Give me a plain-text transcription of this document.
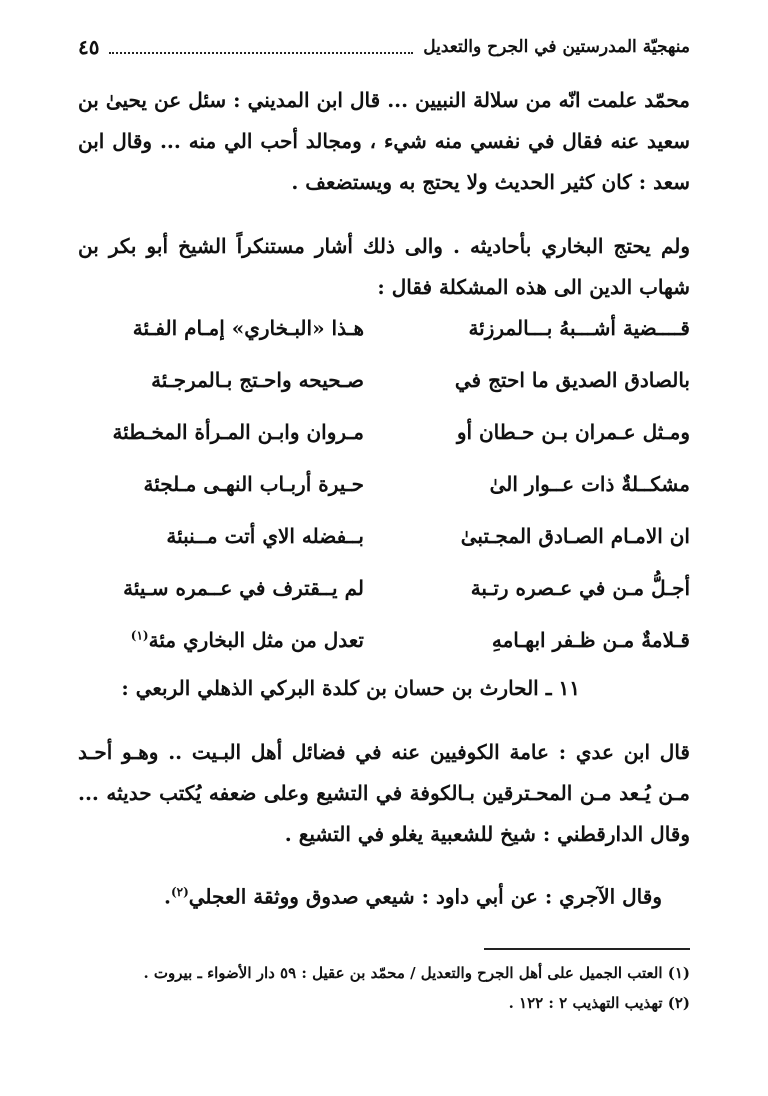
منهجيّة المدرستين في الجرح والتعديل
٤٥
محمّد علمت انّه من سلالة النبيين ... قال ابن المديني : سئل عن يحيىٰ بن سعيد عنه فقال في نفسي منه شيء ، ومجالد أحب الي منه ... وقال ابن سعد : كان كثير الحديث ولا يحتج به ويستضعف .
ولم يحتج البخاري بأحاديثه . والى ذلك أشار مستنكراً الشيخ أبو بكر بن شهاب الدين الى هذه المشكلة فقال :
قــــضية أشـــبهُ بـــالمرزئة
هـذا «البـخاري» إمـام الفـئة
بالصادق الصديق ما احتج في
صـحيحه واحـتج بـالمرجـئة
ومـثل عـمران بـن حـطان أو
مـروان وابـن المـرأة المخـطئة
مشكــلةٌ ذات عــوار الىٰ
حـيرة أربـاب النهـى مـلجئة
ان الامـام الصـادق المجـتبىٰ
بــفضله الاي أتت مــنبئة
أجـلُّ مـن في عـصره رتـبة
لم يــقترف في عــمره سـيئة
قـلامةٌ مـن ظـفر ابهـامهِ
تعدل من مثل البخاري مئة$^{(١)}$
١١ ـ الحارث بن حسان بن كلدة البركي الذهلي الربعي :
قال ابن عدي : عامة الكوفيين عنه في فضائل أهل البـيت .. وهـو أحـد مـن يُـعد مـن المحـترقين بـالكوفة في التشيع وعلى ضعفه يُكتب حديثه ... وقال الدارقطني : شيخ للشعبية يغلو في التشيع .
وقال الآجري : عن أبي داود : شيعي صدوق ووثقة العجلي$^{(٢)}$.
(١) العتب الجميل على أهل الجرح والتعديل / محمّد بن عقيل : ٥٩ دار الأضواء ـ بيروت .
(٢) تهذيب التهذيب ٢ : ١٢٢ .
